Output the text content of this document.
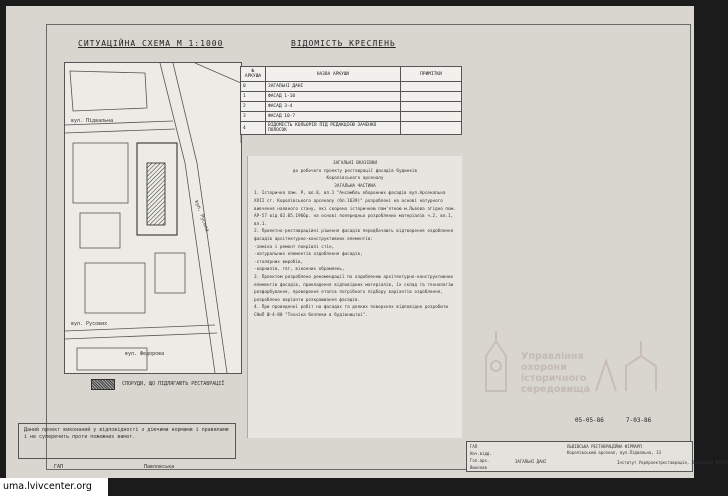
СИТУАЦІЙНА СХЕМА М 1:1000	ВІДОМІСТЬ КРЕСЛЕНЬ
вул. Підвальна
вул. Русових
вул. Руська
вул. Федорова
№ АРКУША	НАЗВА АРКУША	ПРИМІТКИ
0	ЗАГАЛЬНІ ДАНІ	
1	ФАСАД 1-10	
2	ФАСАД 3-4	
3	ФАСАД 10-7	
4	ВІДОМІСТЬ КОЛЬОРІВ ПІД РЕДАКЦІЄЮ ЗАЧЕНКО ПОЛОСОК	

ЗАГАЛЬНІ ВКАЗІВКИ

до робочого проекту реставрації фасадів будинків

Королівського арсеналу

ЗАГАЛЬНА ЧАСТИНА

1. Історична пам. Р, вл.8, вл.1 "Ансамбль оборонних фасадів вул.Арсенальна XVII ст. Королівського арсеналу (бл.1639)" розроблені на основі натурного вивчення наявного стану, які скорено історичною пам'яткою м.Львова згідно пом. АР-57 від 02.05.1966р. на основі попередньо розроблених матеріалів ч.2, вл.1, вл.1.

2. Проектно-реставраційні рішення фасадів передбачають відтворення оздоблення фасадів архітектурно-конструктивних елементів:

-заміна і ремонт покрівлі стін,

-натуральних елементів оздоблення фасадів,

-столярних виробів,

-карнизів, тяг, віконних обрамлень,

3. Проектом розроблено рекомендації по оздобленню архітектурно-конструктивних елементів фасадів, прикладення відповідних матеріалів, їх склад та технологію розфарбування, проведення етапів потрібного підбору варіантів оздоблення, розроблено варіанти розкраювання фасадів.

4. При проведенні робіт на фасадах та деяких поверхнях відповідно розробити СНиП Ш-4-80 "Техніка безпеки в будівництві".

СПОРУДИ, ЩО ПІДЛЯГАЮТЬ РЕСТАВРАЦІЇ
Даний проект виконаний у відповідності з діючими нормами і правилами і не суперечить проти пожежних вимог.
ГАП	Павловська
05-05-86	7-03-86
Управління
охорони
історичного
середовища
ГАП
Нач.відд.
Гол.арх.
Виконав
ЛЬВІВСЬКА РЕСТАВРАЦІЙНА ФІРМА
Королівський арсенал, вул.Підвальна, 13
ЗАГАЛЬНІ ДАНІ
РП
Інститут Укрпроектреставрація, ЛЬВІВСЬКА ФІЛІЯ
uma.lvivcenter.org
